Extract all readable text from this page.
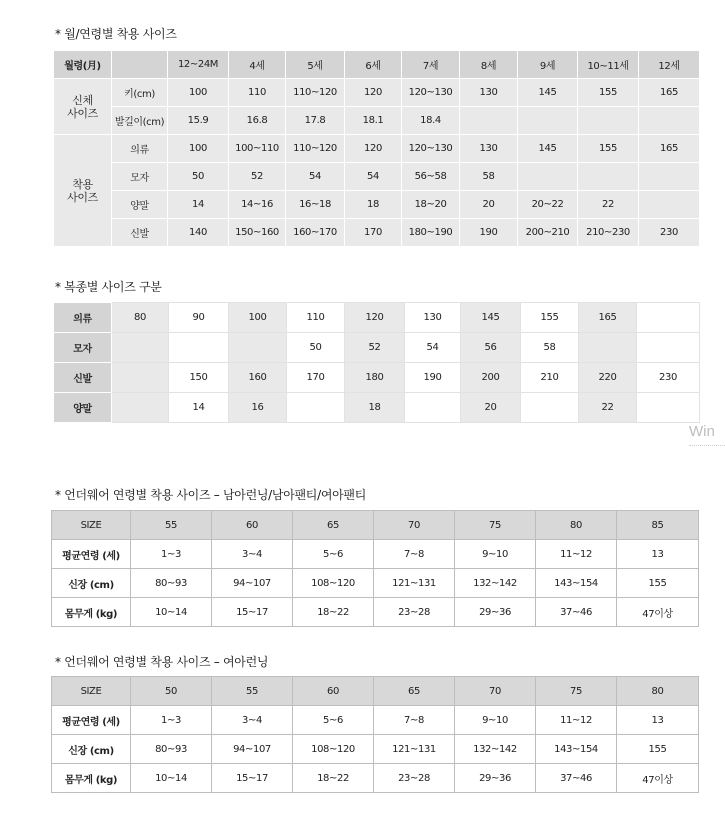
* 월/연령별 착용 사이즈
월령(月)		12~24M	4세	5세	6세	7세	8세	9세	10~11세	12세
신체
사이즈	키(cm)	100	110	110~120	120	120~130	130	145	155	165
	발길이(cm)	15.9	16.8	17.8	18.1	18.4				
착용
사이즈	의류	100	100~110	110~120	120	120~130	130	145	155	165
	모자	50	52	54	54	56~58	58			
	양말	14	14~16	16~18	18	18~20	20	20~22	22	
	신발	140	150~160	160~170	170	180~190	190	200~210	210~230	230
* 복종별 사이즈 구분
의류	80	90	100	110	120	130	145	155	165	
모자				50	52	54	56	58		
신발		150	160	170	180	190	200	210	220	230
양말		14	16		18		20		22	
Win
* 언더웨어 연령별 착용 사이즈 – 남아런닝/남아팬티/여아팬티
SIZE	55	60	65	70	75	80	85
평균연령 (세)	1~3	3~4	5~6	7~8	9~10	11~12	13
신장 (cm)	80~93	94~107	108~120	121~131	132~142	143~154	155
몸무게 (kg)	10~14	15~17	18~22	23~28	29~36	37~46	47이상
* 언더웨어 연령별 착용 사이즈 – 여아런닝
SIZE	50	55	60	65	70	75	80
평균연령 (세)	1~3	3~4	5~6	7~8	9~10	11~12	13
신장 (cm)	80~93	94~107	108~120	121~131	132~142	143~154	155
몸무게 (kg)	10~14	15~17	18~22	23~28	29~36	37~46	47이상
